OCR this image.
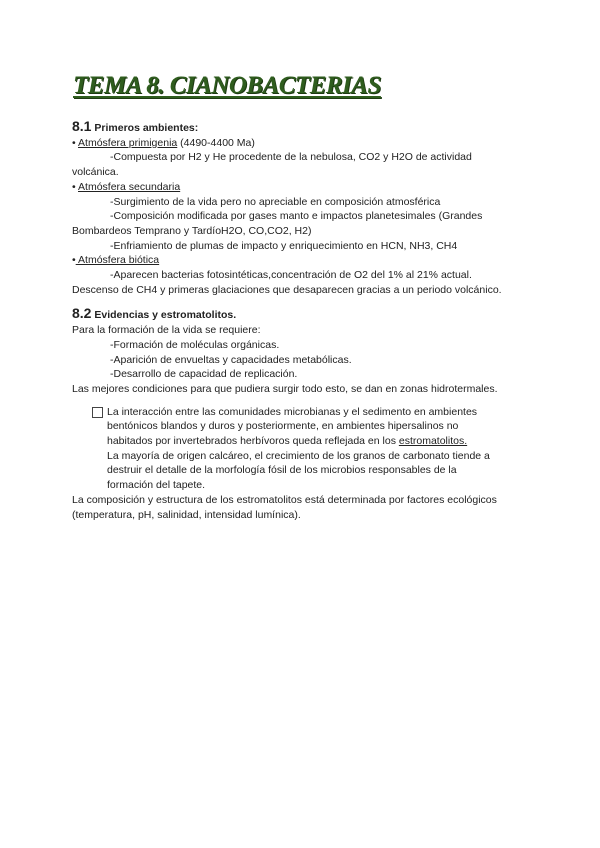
TEMA 8. CIANOBACTERIAS

8.1 Primeros ambientes:

• Atmósfera primigenia (4490-4400 Ma)

-Compuesta por H2 y He procedente de la nebulosa, CO2 y H2O de actividad

volcánica.

• Atmósfera secundaria

-Surgimiento de la vida pero no apreciable en composición atmosférica

-Composición modificada por gases manto e impactos planetesimales (Grandes

Bombardeos Temprano y TardíoH2O, CO,CO2, H2)

-Enfriamiento de plumas de impacto y enriquecimiento en HCN, NH3, CH4

• Atmósfera biótica

-Aparecen bacterias fotosintéticas,concentración de O2 del 1% al 21% actual.

Descenso de CH4 y primeras glaciaciones que desaparecen gracias a un periodo volcánico.

8.2 Evidencias y estromatolitos.

Para la formación de la vida se requiere:

-Formación de moléculas orgánicas.

-Aparición de envueltas y capacidades metabólicas.

-Desarrollo de capacidad de replicación.

Las mejores condiciones para que pudiera surgir todo esto, se dan en zonas hidrotermales.

La interacción entre las comunidades microbianas y el sedimento en ambientes

bentónicos blandos y duros y posteriormente, en ambientes hipersalinos no

habitados por invertebrados herbívoros queda reflejada en los estromatolitos.

La mayoría de origen calcáreo, el crecimiento de los granos de carbonato tiende a

destruir el detalle de la morfología fósil de los microbios responsables de la

formación del tapete.

La composición y estructura de los estromatolitos está determinada por factores ecológicos

(temperatura, pH, salinidad, intensidad lumínica).
